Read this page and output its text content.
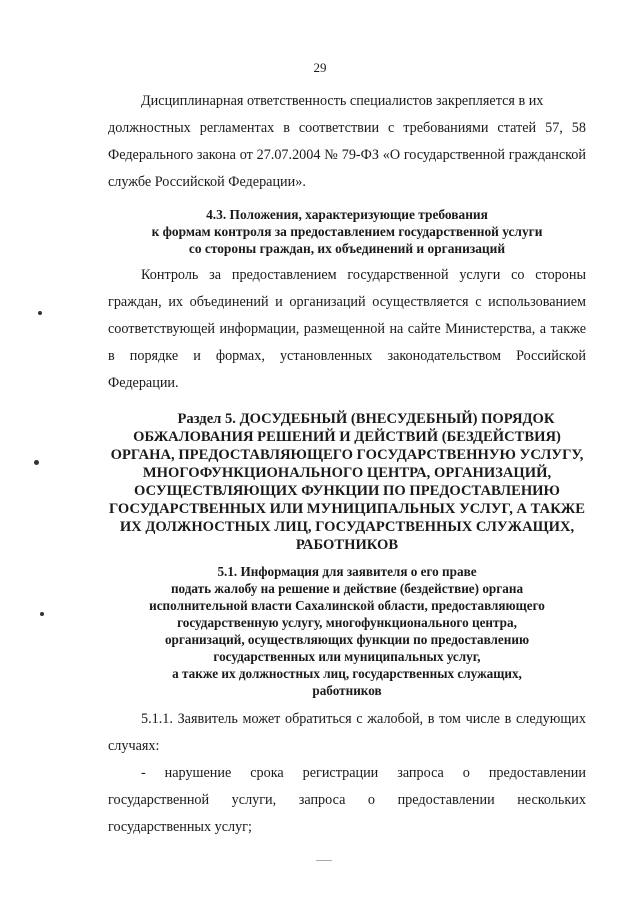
29

Дисциплинарная ответственность специалистов закрепляется в их

должностных регламентах в соответствии с требованиями статей 57, 58

Федерального закона от 27.07.2004 № 79-ФЗ «О государственной гражданской

службе Российской Федерации».

4.3. Положения, характеризующие требования
к формам контроля за предоставлением государственной услуги
со стороны граждан, их объединений и организаций

Контроль за предоставлением государственной услуги со стороны

граждан, их объединений и организаций осуществляется с использованием

соответствующей информации, размещенной на сайте Министерства, а также

в порядке и формах, установленных законодательством Российской

Федерации.

Раздел 5. ДОСУДЕБНЫЙ (ВНЕСУДЕБНЫЙ) ПОРЯДОК
ОБЖАЛОВАНИЯ РЕШЕНИЙ И ДЕЙСТВИЙ (БЕЗДЕЙСТВИЯ)
ОРГАНА, ПРЕДОСТАВЛЯЮЩЕГО ГОСУДАРСТВЕННУЮ УСЛУГУ,
МНОГОФУНКЦИОНАЛЬНОГО ЦЕНТРА, ОРГАНИЗАЦИЙ,
ОСУЩЕСТВЛЯЮЩИХ ФУНКЦИИ ПО ПРЕДОСТАВЛЕНИЮ
ГОСУДАРСТВЕННЫХ ИЛИ МУНИЦИПАЛЬНЫХ УСЛУГ, А ТАКЖЕ
ИХ ДОЛЖНОСТНЫХ ЛИЦ, ГОСУДАРСТВЕННЫХ СЛУЖАЩИХ,
РАБОТНИКОВ

5.1. Информация для заявителя о его праве
подать жалобу на решение и действие (бездействие) органа
исполнительной власти Сахалинской области, предоставляющего
государственную услугу, многофункционального центра,
организаций, осуществляющих функции по предоставлению
государственных или муниципальных услуг,
а также их должностных лиц, государственных служащих,
работников

5.1.1. Заявитель может обратиться с жалобой, в том числе в следующих

случаях:

- нарушение срока регистрации запроса о предоставлении
государственной услуги, запроса о предоставлении нескольких

государственных услуг;
